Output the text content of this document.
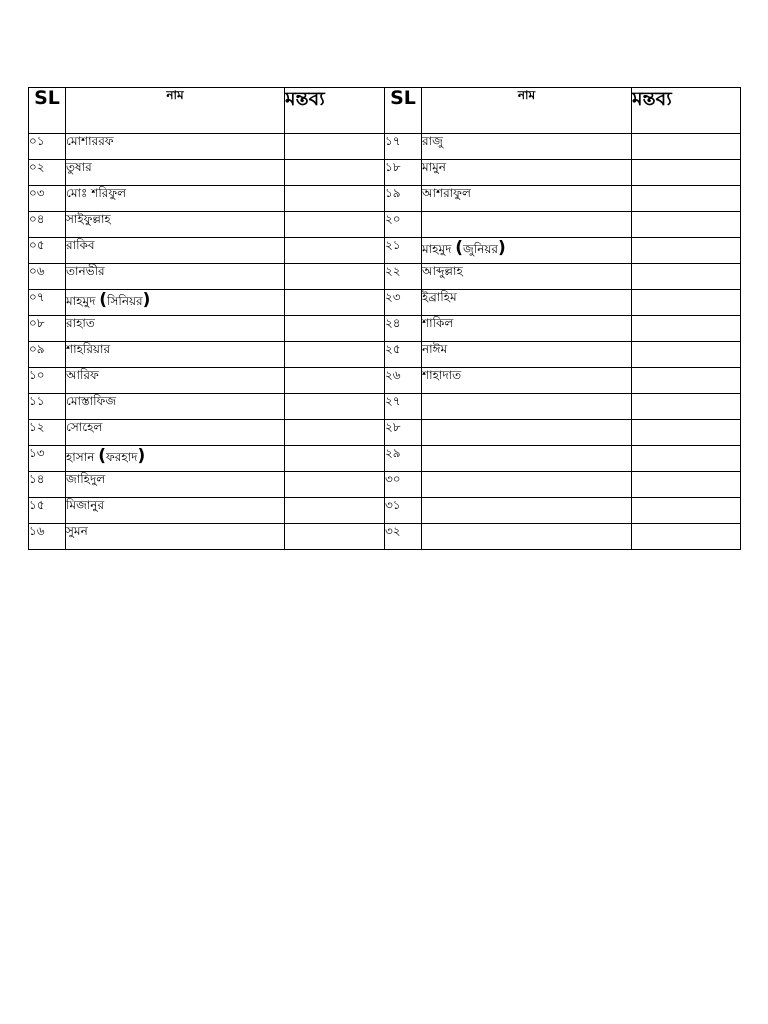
SL	নাম	মন্তব্য	SL	নাম	মন্তব্য
০১	মোশাররফ		১৭	রাজু	
০২	তুষার		১৮	মামুন	
০৩	মোঃ শরিফুল		১৯	আশরাফুল	
০৪	সাইফুল্লাহ		২০		
০৫	রাকিব		২১	মাহমুদ (জুনিয়র)	
০৬	তানভীর		২২	আব্দুল্লাহ	
০৭	মাহমুদ (সিনিয়র)		২৩	ইব্রাহিম	
০৮	রাহাত		২৪	শাকিল	
০৯	শাহরিয়ার		২৫	নাঈম	
১০	আরিফ		২৬	শাহাদাত	
১১	মোস্তাফিজ		২৭		
১২	সোহেল		২৮		
১৩	হাসান (ফরহাদ)		২৯		
১৪	জাহিদুল		৩০		
১৫	মিজানুর		৩১		
১৬	সুমন		৩২		
